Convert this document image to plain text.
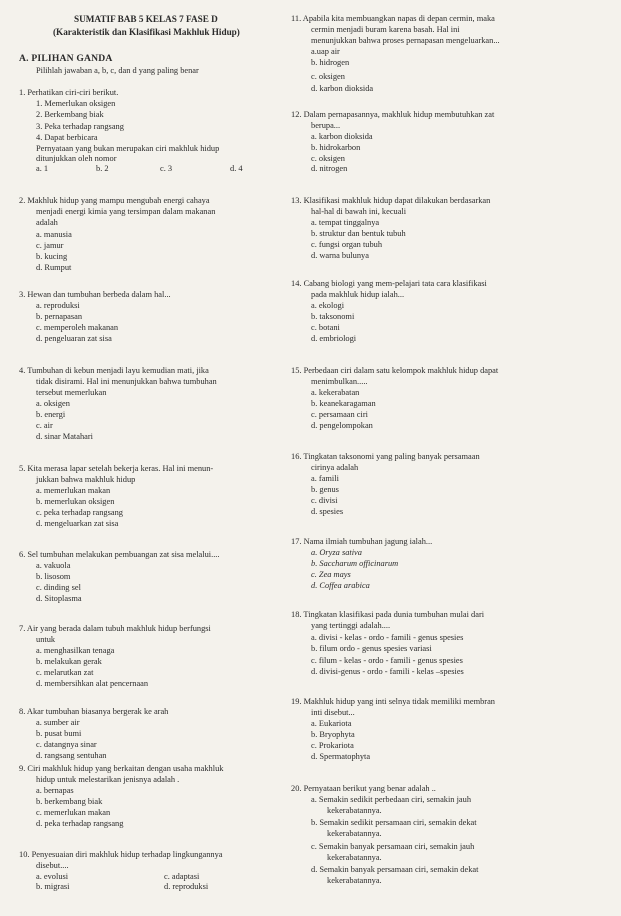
SUMATIF BAB 5 KELAS 7 FASE D
(Karakteristik dan Klasifikasi Makhluk Hidup)
A. PILIHAN GANDA
Pilihlah jawaban a, b, c, dan d yang paling benar
1. Perhatikan ciri-ciri berikut.
1. Memerlukan oksigen
2. Berkembang biak
3. Peka terhadap rangsang
4. Dapat berbicara
Pernyataan yang bukan merupakan ciri makhluk hidup
ditunjukkan oleh nomor
a. 1	b. 2	c. 3	d. 4
2. Makhluk hidup yang mampu mengubah energi cahaya
menjadi energi kimia yang tersimpan dalam makanan
adalah
a. manusia
c. jamur
b. kucing
d. Rumput
3. Hewan dan tumbuhan berbeda dalam hal...
a. reproduksi
b. pernapasan
c. memperoleh makanan
d. pengeluaran zat sisa
4. Tumbuhan di kebun menjadi layu kemudian mati, jika
tidak disirami. Hal ini menunjukkan bahwa tumbuhan
tersebut memerlukan
a. oksigen
b. energi
c. air
d. sinar Matahari
5. Kita merasa lapar setelah bekerja keras. Hal ini menun-
jukkan bahwa makhluk hidup
a. memerlukan makan
b. memerlukan oksigen
c. peka terhadap rangsang
d. mengeluarkan zat sisa
6. Sel tumbuhan melakukan pembuangan zat sisa melalui....
a. vakuola
b. lisosom
c. dinding sel
d. Sitoplasma
7. Air yang berada dalam tubuh makhluk hidup berfungsi
untuk
a. menghasilkan tenaga
b. melakukan gerak
c. melarutkan zat
d. membersihkan alat pencernaan
8. Akar tumbuhan biasanya bergerak ke arah
a. sumber air
b. pusat bumi
c. datangnya sinar
d. rangsang sentuhan
9. Ciri makhluk hidup yang berkaitan dengan usaha makhluk
hidup untuk melestarikan jenisnya adalah .
a. bernapas
b. berkembang biak
c. memerlukan makan
d. peka terhadap rangsang
10. Penyesuaian diri makhluk hidup terhadap lingkungannya
disebut....
a. evolusi	c. adaptasi
b. migrasi	d. reproduksi
11. Apabila kita membuangkan napas di depan cermin, maka
cermin menjadi buram karena basah. Hal ini
menunjukkan bahwa proses pernapasan mengeluarkan...
a.uap air
b. hidrogen
c. oksigen
d. karbon dioksida
12. Dalam pernapasannya, makhluk hidup membutuhkan zat
berupa...
a. karbon dioksida
b. hidrokarbon
c. oksigen
d. nitrogen
13. Klasifikasi makhluk hidup dapat dilakukan berdasarkan
hal-hal di bawah ini, kecuali
a. tempat tinggalnya
b. struktur dan bentuk tubuh
c. fungsi organ tubuh
d. warna bulunya
14. Cabang biologi yang mem-pelajari tata cara klasifikasi
pada makhluk hidup ialah...
a. ekologi
b. taksonomi
c. botani
d. embriologi
15. Perbedaan ciri dalam satu kelompok makhluk hidup dapat
menimbulkan.....
a. kekerabatan
b. keanekaragaman
c. persamaan ciri
d. pengelompokan
16. Tingkatan taksonomi yang paling banyak persamaan
cirinya adalah
a. famili
b. genus
c. divisi
d. spesies
17. Nama ilmiah tumbuhan jagung ialah...
a. Oryza sativa
b. Saccharum officinarum
c. Zea mays
d. Coffea arabica
18. Tingkatan klasifikasi pada dunia tumbuhan mulai dari
yang tertinggi adalah....
a. divisi - kelas - ordo - famili - genus spesies
b. filum ordo - genus spesies variasi
c. filum - kelas - ordo - famili - genus spesies
d. divisi-genus - ordo - famili - kelas –spesies
19. Makhluk hidup yang inti selnya tidak memiliki membran
inti disebut...
a. Eukariota
b. Bryophyta
c. Prokariota
d. Spermatophyta
20. Pernyataan berikut yang benar adalah ..
a. Semakin sedikit perbedaan ciri, semakin jauh
kekerabatannya.
b. Semakin sedikit persamaan ciri, semakin dekat
kekerabatannya.
c. Semakin banyak persamaan ciri, semakin jauh
kekerabatannya.
d. Semakin banyak persamaan ciri, semakin dekat
kekerabatannya.
